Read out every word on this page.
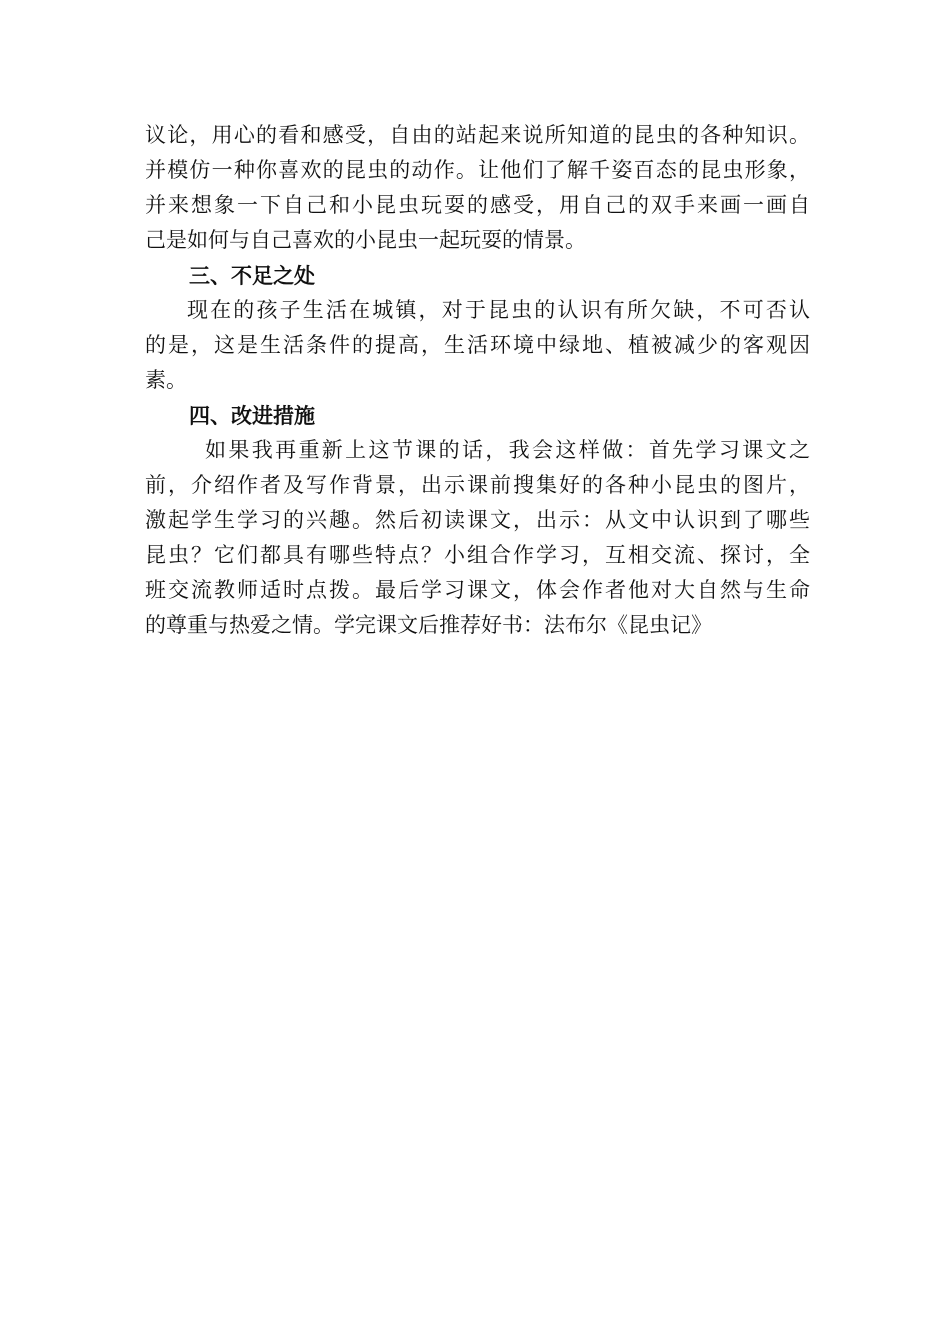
议论，用心的看和感受，自由的站起来说所知道的昆虫的各种知识。
并模仿一种你喜欢的昆虫的动作。让他们了解千姿百态的昆虫形象，
并来想象一下自己和小昆虫玩耍的感受，用自己的双手来画一画自
己是如何与自己喜欢的小昆虫一起玩耍的情景。
三、不足之处
现在的孩子生活在城镇，对于昆虫的认识有所欠缺，不可否认
的是，这是生活条件的提高，生活环境中绿地、植被减少的客观因
素。
四、改进措施
如果我再重新上这节课的话，我会这样做：首先学习课文之
前，介绍作者及写作背景，出示课前搜集好的各种小昆虫的图片，
激起学生学习的兴趣。然后初读课文，出示：从文中认识到了哪些
昆虫？它们都具有哪些特点？小组合作学习，互相交流、探讨，全
班交流教师适时点拨。最后学习课文，体会作者他对大自然与生命
的尊重与热爱之情。学完课文后推荐好书：法布尔《昆虫记》
